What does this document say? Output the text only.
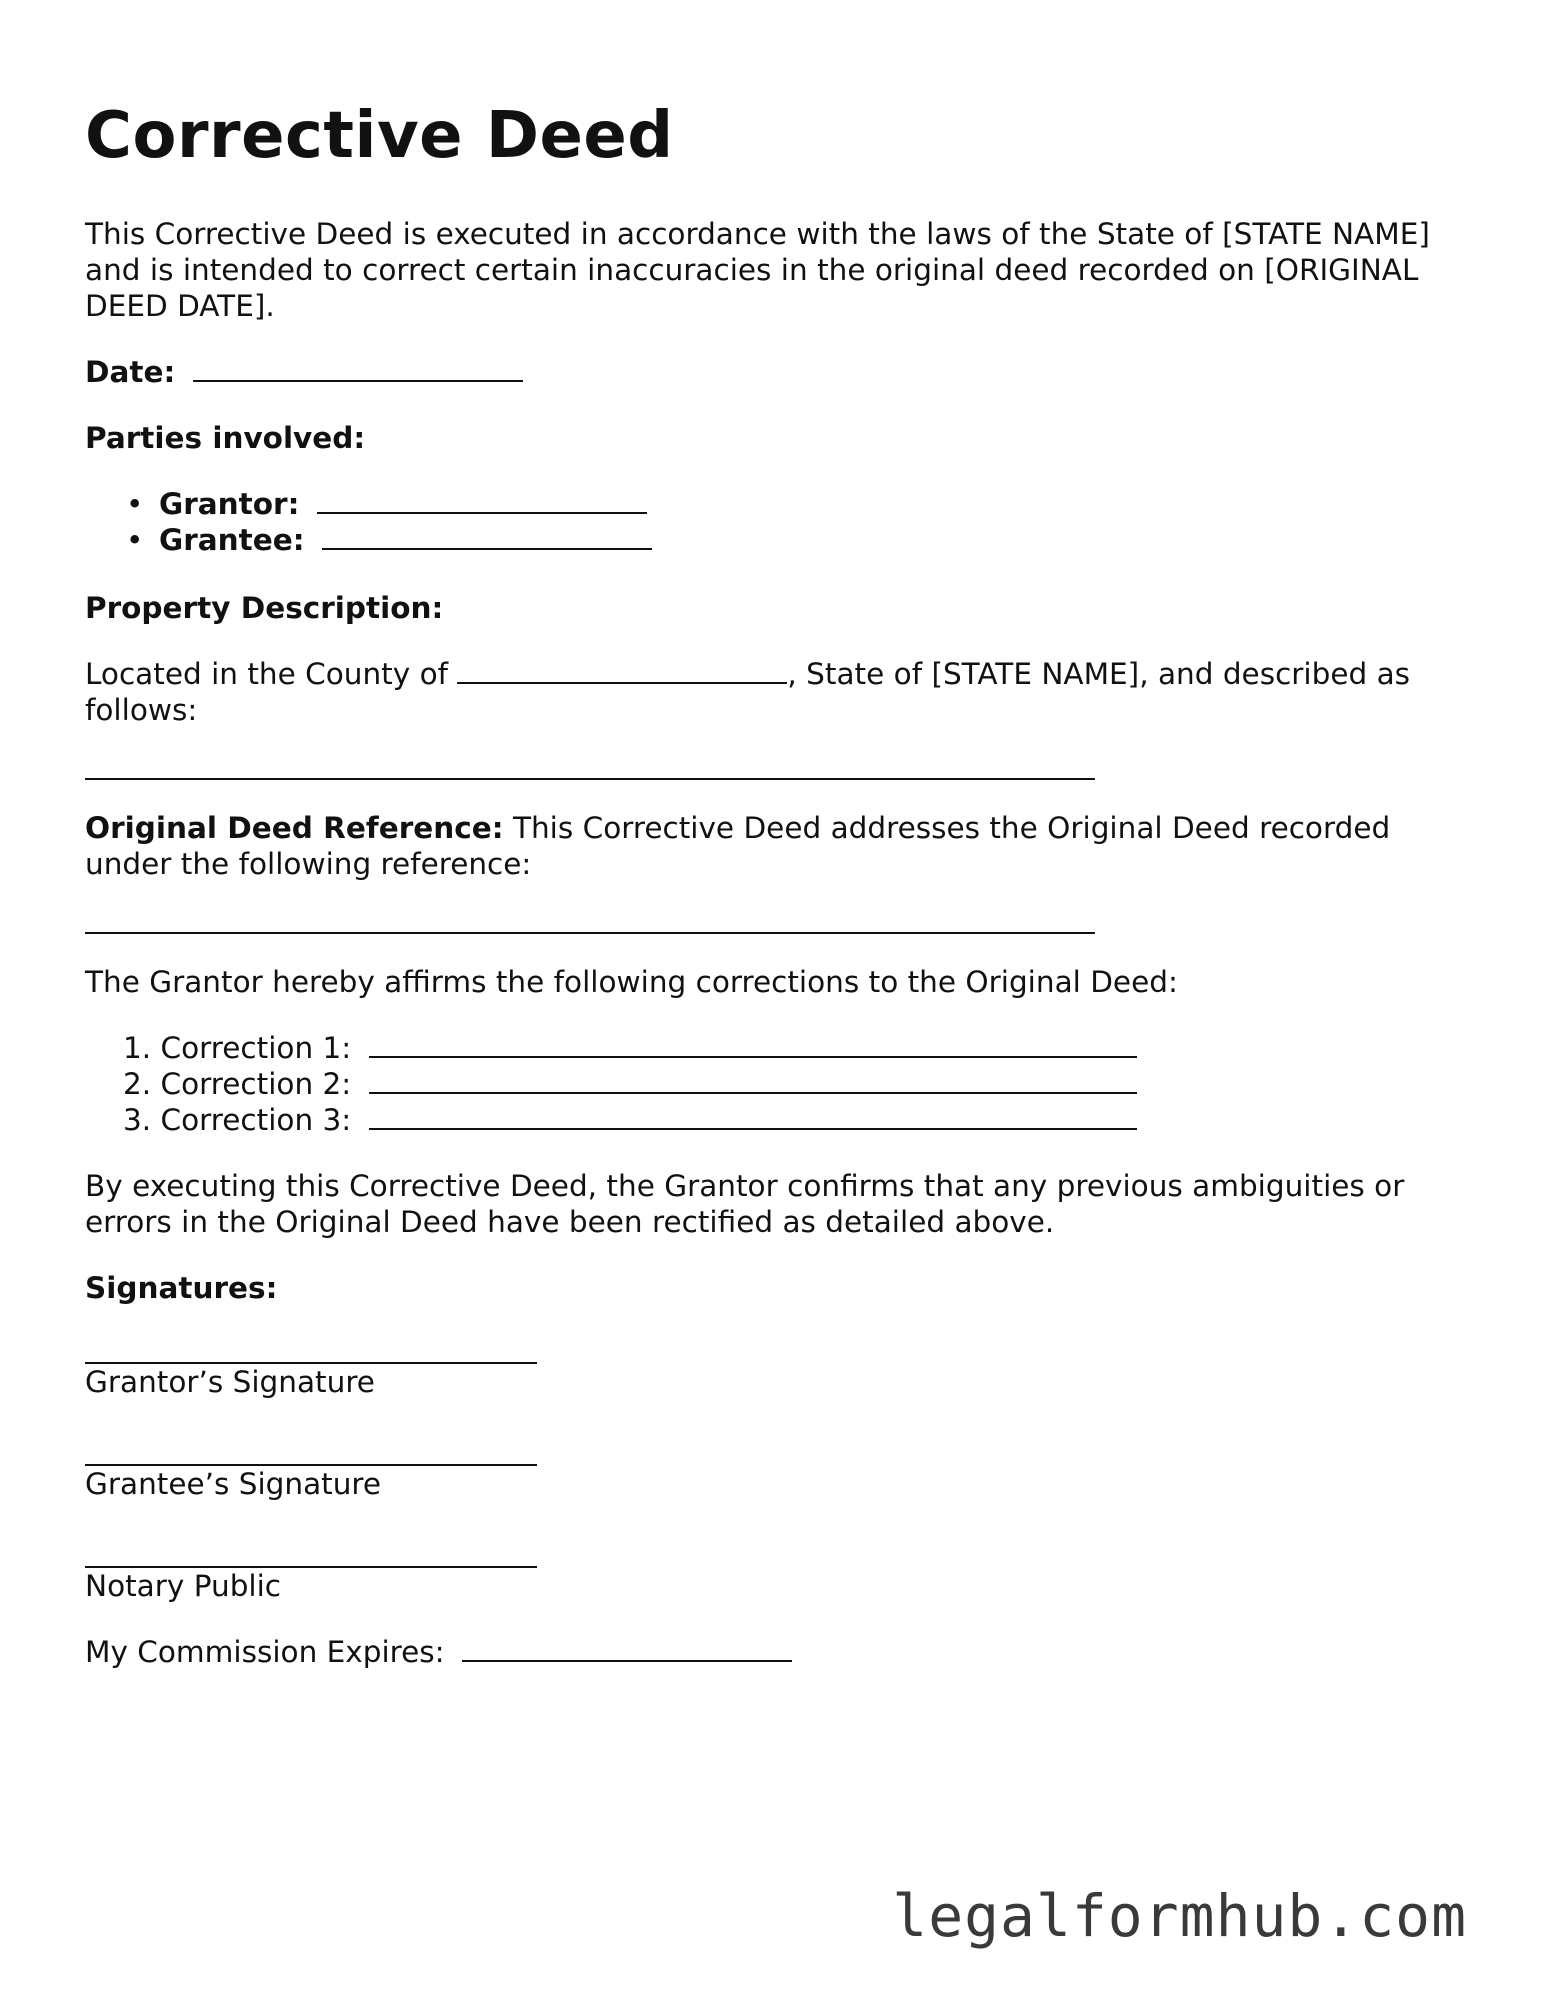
Corrective Deed

This Corrective Deed is executed in accordance with the laws of the State of [STATE NAME] and is intended to correct certain inaccuracies in the original deed recorded on [ORIGINAL DEED DATE].

Date:

Parties involved:

• Grantor:
• Grantee:

Property Description:

Located in the County of	, State of [STATE NAME], and described as follows:

Original Deed Reference: This Corrective Deed addresses the Original Deed recorded under the following reference:

The Grantor hereby affirms the following corrections to the Original Deed:

1. Correction 1:
2. Correction 2:
3. Correction 3:

By executing this Corrective Deed, the Grantor confirms that any previous ambiguities or errors in the Original Deed have been rectified as detailed above.

Signatures:

Grantor’s Signature

Grantee’s Signature

Notary Public

My Commission Expires:

legalformhub.com
